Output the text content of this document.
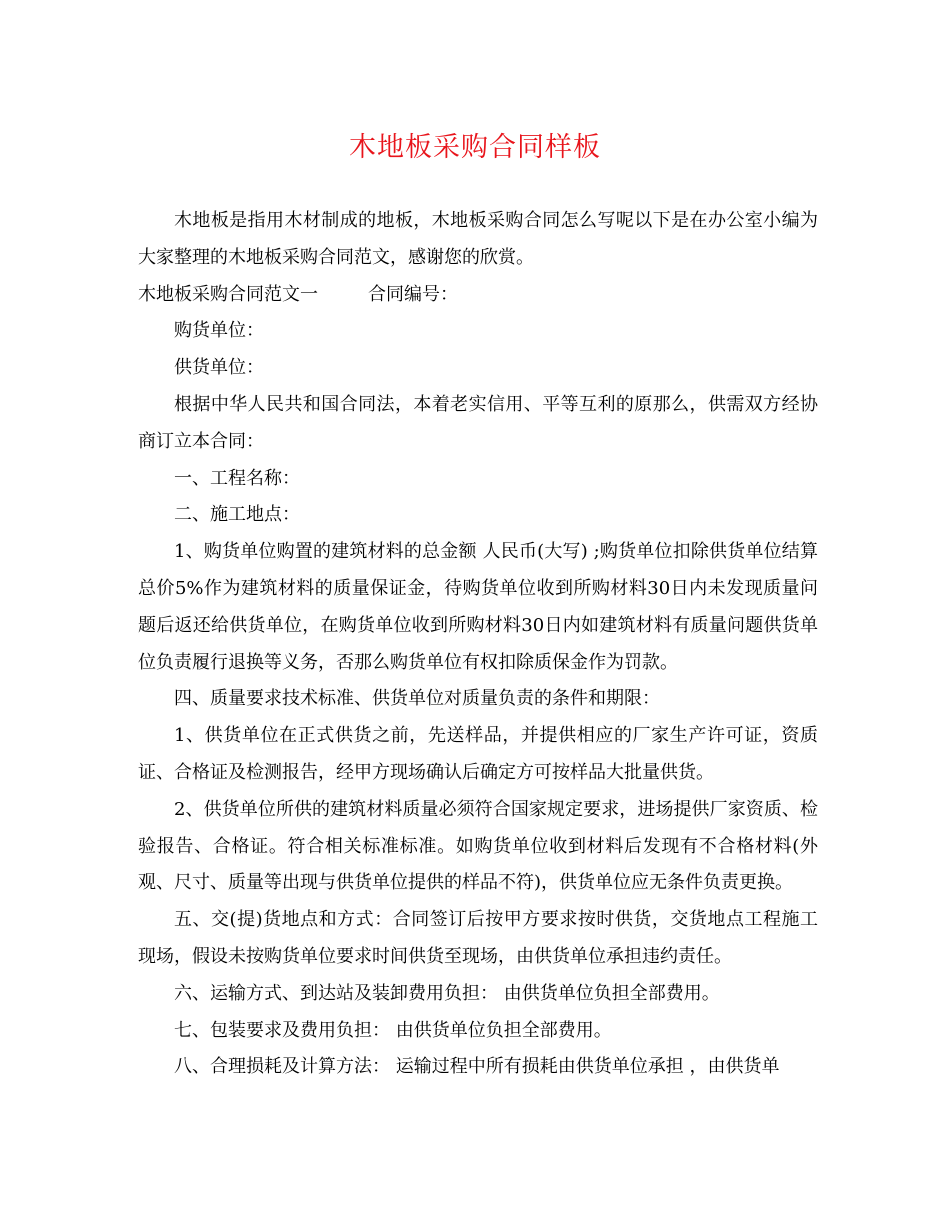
木地板采购合同样板

木地板是指用木材制成的地板，木地板采购合同怎么写呢以下是在办公室小编为大家整理的木地板采购合同范文，感谢您的欣赏。

木地板采购合同范文一	合同编号：

购货单位：

供货单位：

根据中华人民共和国合同法，本着老实信用、平等互利的原那么，供需双方经协商订立本合同：

一、工程名称：

二、施工地点：

1、购货单位购置的建筑材料的总金额 人民币(大写) ;购货单位扣除供货单位结算总价5%作为建筑材料的质量保证金，待购货单位收到所购材料30日内未发现质量问题后返还给供货单位，在购货单位收到所购材料30日内如建筑材料有质量问题供货单位负责履行退换等义务，否那么购货单位有权扣除质保金作为罚款。

四、质量要求技术标准、供货单位对质量负责的条件和期限：

1、供货单位在正式供货之前，先送样品，并提供相应的厂家生产许可证，资质证、合格证及检测报告，经甲方现场确认后确定方可按样品大批量供货。

2、供货单位所供的建筑材料质量必须符合国家规定要求，进场提供厂家资质、检验报告、合格证。符合相关标准标准。如购货单位收到材料后发现有不合格材料(外观、尺寸、质量等出现与供货单位提供的样品不符)，供货单位应无条件负责更换。

五、交(提)货地点和方式：合同签订后按甲方要求按时供货，交货地点工程施工现场，假设未按购货单位要求时间供货至现场，由供货单位承担违约责任。

六、运输方式、到达站及装卸费用负担： 由供货单位负担全部费用。

七、包装要求及费用负担： 由供货单位负担全部费用。

八、合理损耗及计算方法： 运输过程中所有损耗由供货单位承担 ，由供货单
